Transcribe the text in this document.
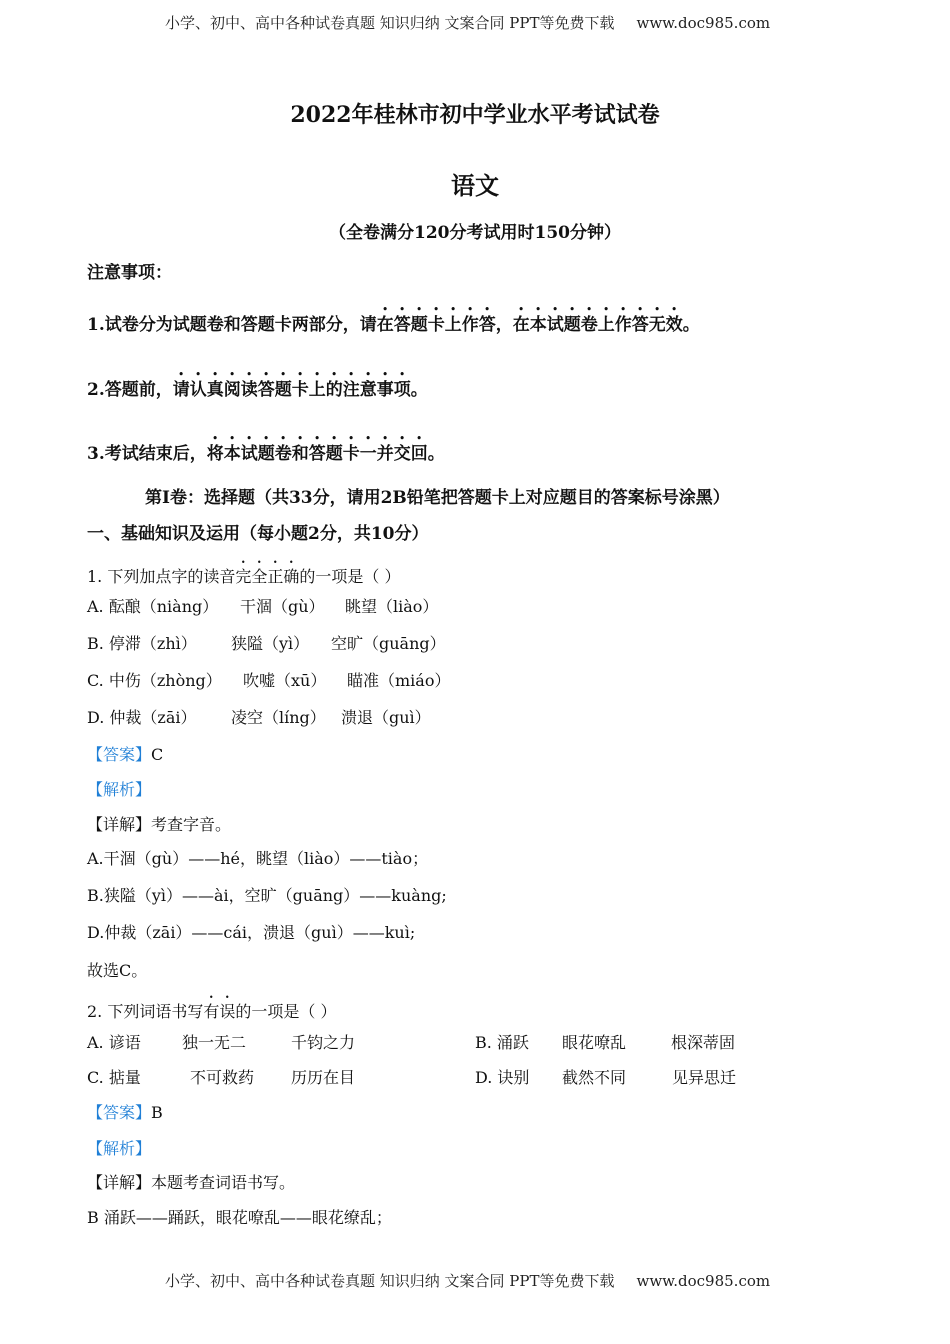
小学、初中、高中各种试卷真题 知识归纳 文案合同 PPT等免费下载 www.doc985.com
2022年桂林市初中学业水平考试试卷
语文
（全卷满分120分考试用时150分钟）
注意事项：
1.试卷分为试题卷和答题卡两部分，请在答题卡上作答，在本试题卷上作答无效。
2.答题前，请认真阅读答题卡上的注意事项。
3.考试结束后，将本试题卷和答题卡一并交回。
第Ⅰ卷：选择题（共33分，请用2B铅笔把答题卡上对应题目的答案标号涂黑）
一、基础知识及运用（每小题2分，共10分）
1. 下列加点字的读音完全正确的一项是（ ）
A. 酝酿（niàng） 干涸（gù） 眺望（liào）
B. 停滞（zhì） 狭隘（yì） 空旷（guāng）
C. 中伤（zhòng） 吹嘘（xū） 瞄准（miáo）
D. 仲裁（zāi） 凌空（líng） 溃退（guì）
【答案】C
【解析】
【详解】考查字音。
A.干涸（gù）——hé，眺望（liào）——tiào；
B.狭隘（yì）——ài，空旷（guāng）——kuàng;
D.仲裁（zāi）——cái，溃退（guì）——kuì;
故选C。
2. 下列词语书写有误的一项是（ ）
A. 谚语	独一无二	千钧之力	B. 涌跃 眼花嘹乱	根深蒂固
C. 掂量	不可救药 历历在目	D. 诀别 截然不同	见异思迁
【答案】B
【解析】
【详解】本题考查词语书写。
B 涌跃——踊跃，眼花嘹乱——眼花缭乱；
小学、初中、高中各种试卷真题 知识归纳 文案合同 PPT等免费下载 www.doc985.com
